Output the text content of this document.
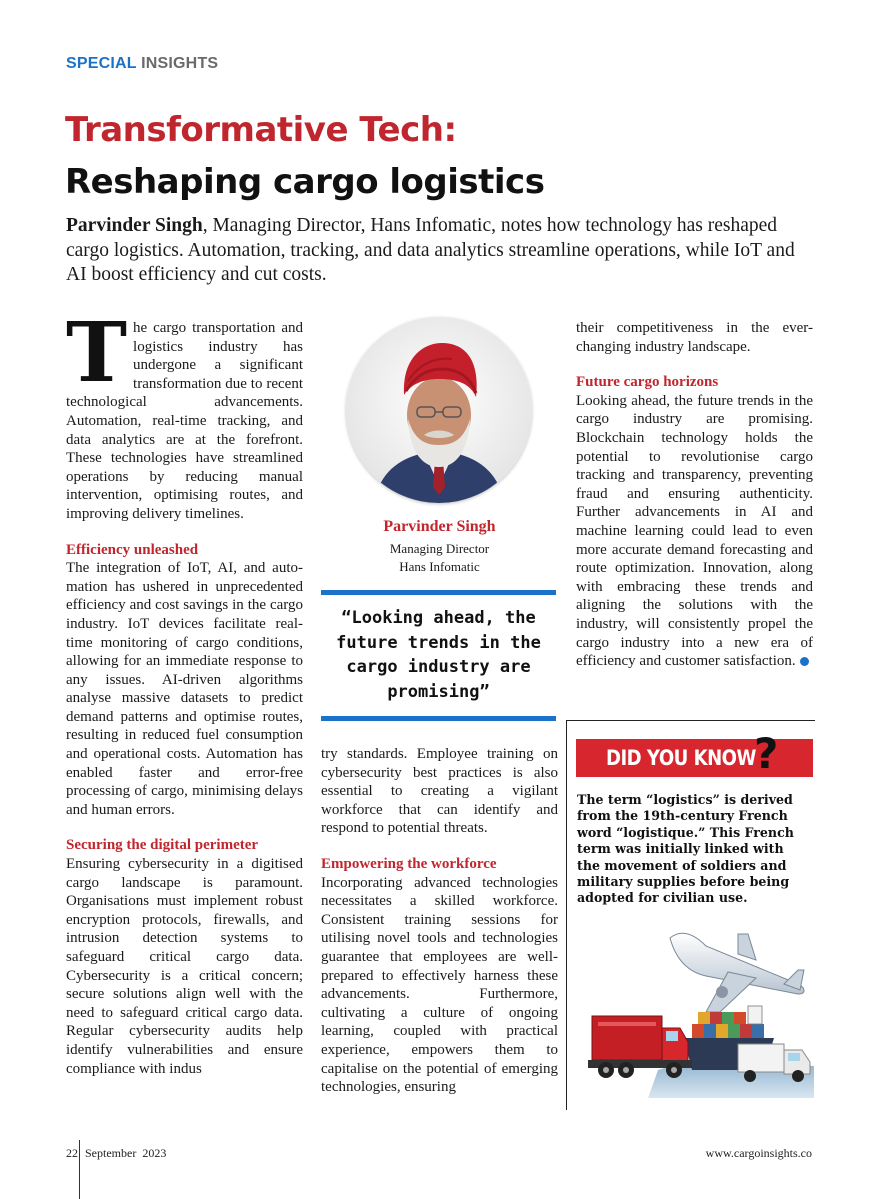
SPECIAL INSIGHTS
Transformative Tech:
Reshaping cargo logistics
Parvinder Singh, Managing Director, Hans Infomatic, notes how technology has reshaped cargo logistics. Automation, tracking, and data analytics streamline operations, while IoT and AI boost efficiency and cut costs.

The cargo transportation and logistics industry has undergone a significant transformation due to recent technological advancements. Automation, real-time tracking, and data analytics are at the forefront. These technologies have streamlined operations by reducing manual intervention, optimising routes, and improving delivery timelines.

Efficiency unleashed

The integration of IoT, AI, and automation has ushered in unprecedented efficiency and cost savings in the cargo industry. IoT devices facilitate real-time monitoring of cargo conditions, allowing for an immediate response to any issues. AI-driven algorithms analyse massive datasets to predict demand patterns and optimise routes, resulting in reduced fuel consumption and operational costs. Automation has enabled faster and error-free processing of cargo, minimising delays and human errors.

Securing the digital perimeter

Ensuring cybersecurity in a digitised cargo landscape is paramount. Organisations must implement robust encryption protocols, firewalls, and intrusion detection systems to safeguard critical cargo data. Cybersecurity is a critical concern; secure solutions align well with the need to safeguard critical cargo data. Regular cybersecurity audits help identify vulnerabilities and ensure compliance with indus

Parvinder Singh
Managing Director
Hans Infomatic
“Looking ahead, the future trends in the cargo industry are promising”

try standards. Employee training on cybersecurity best practices is also essential to creating a vigilant workforce that can identify and respond to potential threats.

Empowering the workforce

Incorporating advanced technologies necessitates a skilled workforce. Consistent training sessions for utilising novel tools and technologies guarantee that employees are well-prepared to effectively harness these advancements. Furthermore, cultivating a culture of ongoing learning, coupled with practical experience, empowers them to capitalise on the potential of emerging technologies, ensuring

their competitiveness in the ever-changing industry landscape.

Future cargo horizons

Looking ahead, the future trends in the cargo industry are promising. Blockchain technology holds the potential to revolutionise cargo tracking and transparency, preventing fraud and ensuring authenticity. Further advancements in AI and machine learning could lead to even more accurate demand forecasting and route optimization. Innovation, along with embracing these trends and aligning the solutions with the industry, will consistently propel the cargo industry into a new era of efficiency and customer satisfaction.

DID YOU KNOW
?
The term “logistics” is derived from the 19th-century French word “logistique.” This French term was initially linked with the movement of soldiers and military supplies before being adopted for civilian use.
22 September  2023	www.cargoinsights.co
